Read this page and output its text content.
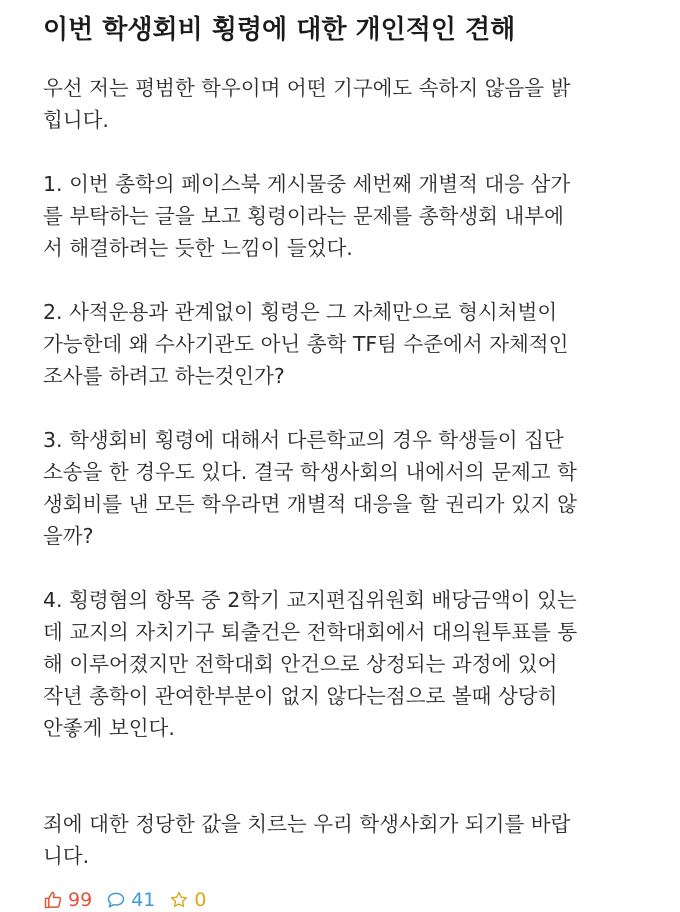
이번 학생회비 횡령에 대한 개인적인 견해

우선 저는 평범한 학우이며 어떤 기구에도 속하지 않음을 밝
힙니다.

1. 이번 총학의 페이스북 게시물중 세번째 개별적 대응 삼가
를 부탁하는 글을 보고 횡령이라는 문제를 총학생회 내부에
서 해결하려는 듯한 느낌이 들었다.

2. 사적운용과 관계없이 횡령은 그 자체만으로 형시처벌이
가능한데 왜 수사기관도 아닌 총학 TF팀 수준에서 자체적인
조사를 하려고 하는것인가?

3. 학생회비 횡령에 대해서 다른학교의 경우 학생들이 집단
소송을 한 경우도 있다. 결국 학생사회의 내에서의 문제고 학
생회비를 낸 모든 학우라면 개별적 대응을 할 권리가 있지 않
을까?

4. 횡령혐의 항목 중 2학기 교지편집위원회 배당금액이 있는
데 교지의 자치기구 퇴출건은 전학대회에서 대의원투표를 통
해 이루어졌지만 전학대회 안건으로 상정되는 과정에 있어
작년 총학이 관여한부분이 없지 않다는점으로 볼때 상당히
안좋게 보인다.

죄에 대한 정당한 값을 치르는 우리 학생사회가 되기를 바랍
니다.

99 41 0
